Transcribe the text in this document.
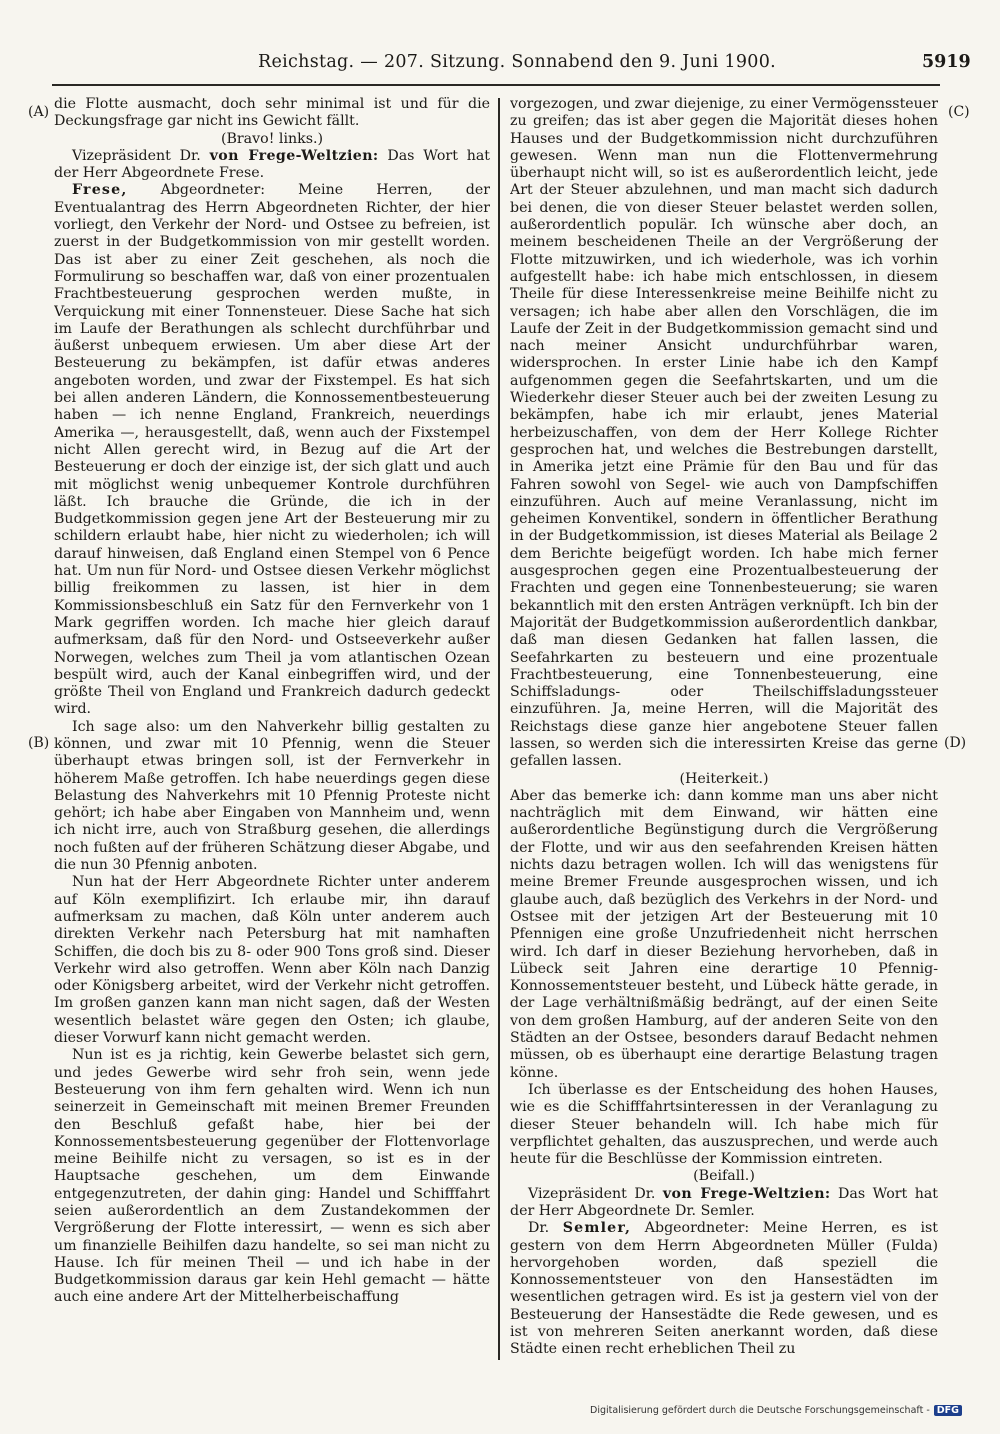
Reichstag. — 207. Sitzung. Sonnabend den 9. Juni 1900.	5919
(A)
(B)
(C)
(D)

die Flotte ausmacht, doch sehr minimal ist und für die Deckungsfrage gar nicht ins Gewicht fällt.

(Bravo! links.)

Vizepräsident Dr. von Frege-Weltzien: Das Wort hat der Herr Abgeordnete Frese.

Frese, Abgeordneter: Meine Herren, der Eventualantrag des Herrn Abgeordneten Richter, der hier vorliegt, den Verkehr der Nord- und Ostsee zu befreien, ist zuerst in der Budgetkommission von mir gestellt worden. Das ist aber zu einer Zeit geschehen, als noch die Formulirung so beschaffen war, daß von einer prozentualen Frachtbesteuerung gesprochen werden mußte, in Verquickung mit einer Tonnensteuer. Diese Sache hat sich im Laufe der Berathungen als schlecht durchführbar und äußerst unbequem erwiesen. Um aber diese Art der Besteuerung zu bekämpfen, ist dafür etwas anderes angeboten worden, und zwar der Fixstempel. Es hat sich bei allen anderen Ländern, die Konnossementbesteuerung haben — ich nenne England, Frankreich, neuerdings Amerika —, herausgestellt, daß, wenn auch der Fixstempel nicht Allen gerecht wird, in Bezug auf die Art der Besteuerung er doch der einzige ist, der sich glatt und auch mit möglichst wenig unbequemer Kontrole durchführen läßt. Ich brauche die Gründe, die ich in der Budgetkommission gegen jene Art der Besteuerung mir zu schildern erlaubt habe, hier nicht zu wiederholen; ich will darauf hinweisen, daß England einen Stempel von 6 Pence hat. Um nun für Nord- und Ostsee diesen Verkehr möglichst billig freikommen zu lassen, ist hier in dem Kommissionsbeschluß ein Satz für den Fernverkehr von 1 Mark gegriffen worden. Ich mache hier gleich darauf aufmerksam, daß für den Nord- und Ostseeverkehr außer Norwegen, welches zum Theil ja vom atlantischen Ozean bespült wird, auch der Kanal einbegriffen wird, und der größte Theil von England und Frankreich dadurch gedeckt wird.

Ich sage also: um den Nahverkehr billig gestalten zu können, und zwar mit 10 Pfennig, wenn die Steuer überhaupt etwas bringen soll, ist der Fernverkehr in höherem Maße getroffen. Ich habe neuerdings gegen diese Belastung des Nahverkehrs mit 10 Pfennig Proteste nicht gehört; ich habe aber Eingaben von Mannheim und, wenn ich nicht irre, auch von Straßburg gesehen, die allerdings noch fußten auf der früheren Schätzung dieser Abgabe, und die nun 30 Pfennig anboten.

Nun hat der Herr Abgeordnete Richter unter anderem auf Köln exemplifizirt. Ich erlaube mir, ihn darauf aufmerksam zu machen, daß Köln unter anderem auch direkten Verkehr nach Petersburg hat mit namhaften Schiffen, die doch bis zu 8- oder 900 Tons groß sind. Dieser Verkehr wird also getroffen. Wenn aber Köln nach Danzig oder Königsberg arbeitet, wird der Verkehr nicht getroffen. Im großen ganzen kann man nicht sagen, daß der Westen wesentlich belastet wäre gegen den Osten; ich glaube, dieser Vorwurf kann nicht gemacht werden.

Nun ist es ja richtig, kein Gewerbe belastet sich gern, und jedes Gewerbe wird sehr froh sein, wenn jede Besteuerung von ihm fern gehalten wird. Wenn ich nun seinerzeit in Gemeinschaft mit meinen Bremer Freunden den Beschluß gefaßt habe, hier bei der Konnossementsbesteuerung gegenüber der Flottenvorlage meine Beihilfe nicht zu versagen, so ist es in der Hauptsache geschehen, um dem Einwande entgegenzutreten, der dahin ging: Handel und Schifffahrt seien außerordentlich an dem Zustandekommen der Vergrößerung der Flotte interessirt, — wenn es sich aber um finanzielle Beihilfen dazu handelte, so sei man nicht zu Hause. Ich für meinen Theil — und ich habe in der Budgetkommission daraus gar kein Hehl gemacht — hätte auch eine andere Art der Mittelherbeischaffung

vorgezogen, und zwar diejenige, zu einer Vermögenssteuer zu greifen; das ist aber gegen die Majorität dieses hohen Hauses und der Budgetkommission nicht durchzuführen gewesen. Wenn man nun die Flottenvermehrung überhaupt nicht will, so ist es außerordentlich leicht, jede Art der Steuer abzulehnen, und man macht sich dadurch bei denen, die von dieser Steuer belastet werden sollen, außerordentlich populär. Ich wünsche aber doch, an meinem bescheidenen Theile an der Vergrößerung der Flotte mitzuwirken, und ich wiederhole, was ich vorhin aufgestellt habe: ich habe mich entschlossen, in diesem Theile für diese Interessenkreise meine Beihilfe nicht zu versagen; ich habe aber allen den Vorschlägen, die im Laufe der Zeit in der Budgetkommission gemacht sind und nach meiner Ansicht undurchführbar waren, widersprochen. In erster Linie habe ich den Kampf aufgenommen gegen die Seefahrtskarten, und um die Wiederkehr dieser Steuer auch bei der zweiten Lesung zu bekämpfen, habe ich mir erlaubt, jenes Material herbeizuschaffen, von dem der Herr Kollege Richter gesprochen hat, und welches die Bestrebungen darstellt, in Amerika jetzt eine Prämie für den Bau und für das Fahren sowohl von Segel- wie auch von Dampfschiffen einzuführen. Auch auf meine Veranlassung, nicht im geheimen Konventikel, sondern in öffentlicher Berathung in der Budgetkommission, ist dieses Material als Beilage 2 dem Berichte beigefügt worden. Ich habe mich ferner ausgesprochen gegen eine Prozentualbesteuerung der Frachten und gegen eine Tonnenbesteuerung; sie waren bekanntlich mit den ersten Anträgen verknüpft. Ich bin der Majorität der Budgetkommission außerordentlich dankbar, daß man diesen Gedanken hat fallen lassen, die Seefahrkarten zu besteuern und eine prozentuale Frachtbesteuerung, eine Tonnenbesteuerung, eine Schiffsladungs- oder Theilschiffsladungssteuer einzuführen. Ja, meine Herren, will die Majorität des Reichstags diese ganze hier angebotene Steuer fallen lassen, so werden sich die interessirten Kreise das gerne gefallen lassen.

(Heiterkeit.)

Aber das bemerke ich: dann komme man uns aber nicht nachträglich mit dem Einwand, wir hätten eine außerordentliche Begünstigung durch die Vergrößerung der Flotte, und wir aus den seefahrenden Kreisen hätten nichts dazu betragen wollen. Ich will das wenigstens für meine Bremer Freunde ausgesprochen wissen, und ich glaube auch, daß bezüglich des Verkehrs in der Nord- und Ostsee mit der jetzigen Art der Besteuerung mit 10 Pfennigen eine große Unzufriedenheit nicht herrschen wird. Ich darf in dieser Beziehung hervorheben, daß in Lübeck seit Jahren eine derartige 10 Pfennig-Konnossementsteuer besteht, und Lübeck hätte gerade, in der Lage verhältnißmäßig bedrängt, auf der einen Seite von dem großen Hamburg, auf der anderen Seite von den Städten an der Ostsee, besonders darauf Bedacht nehmen müssen, ob es überhaupt eine derartige Belastung tragen könne.

Ich überlasse es der Entscheidung des hohen Hauses, wie es die Schifffahrtsinteressen in der Veranlagung zu dieser Steuer behandeln will. Ich habe mich für verpflichtet gehalten, das auszusprechen, und werde auch heute für die Beschlüsse der Kommission eintreten.

(Beifall.)

Vizepräsident Dr. von Frege-Weltzien: Das Wort hat der Herr Abgeordnete Dr. Semler.

Dr. Semler, Abgeordneter: Meine Herren, es ist gestern von dem Herrn Abgeordneten Müller (Fulda) hervorgehoben worden, daß speziell die Konnossementsteuer von den Hansestädten im wesentlichen getragen wird. Es ist ja gestern viel von der Besteuerung der Hansestädte die Rede gewesen, und es ist von mehreren Seiten anerkannt worden, daß diese Städte einen recht erheblichen Theil zu

Digitalisierung gefördert durch die Deutsche Forschungsgemeinschaft - DFG
